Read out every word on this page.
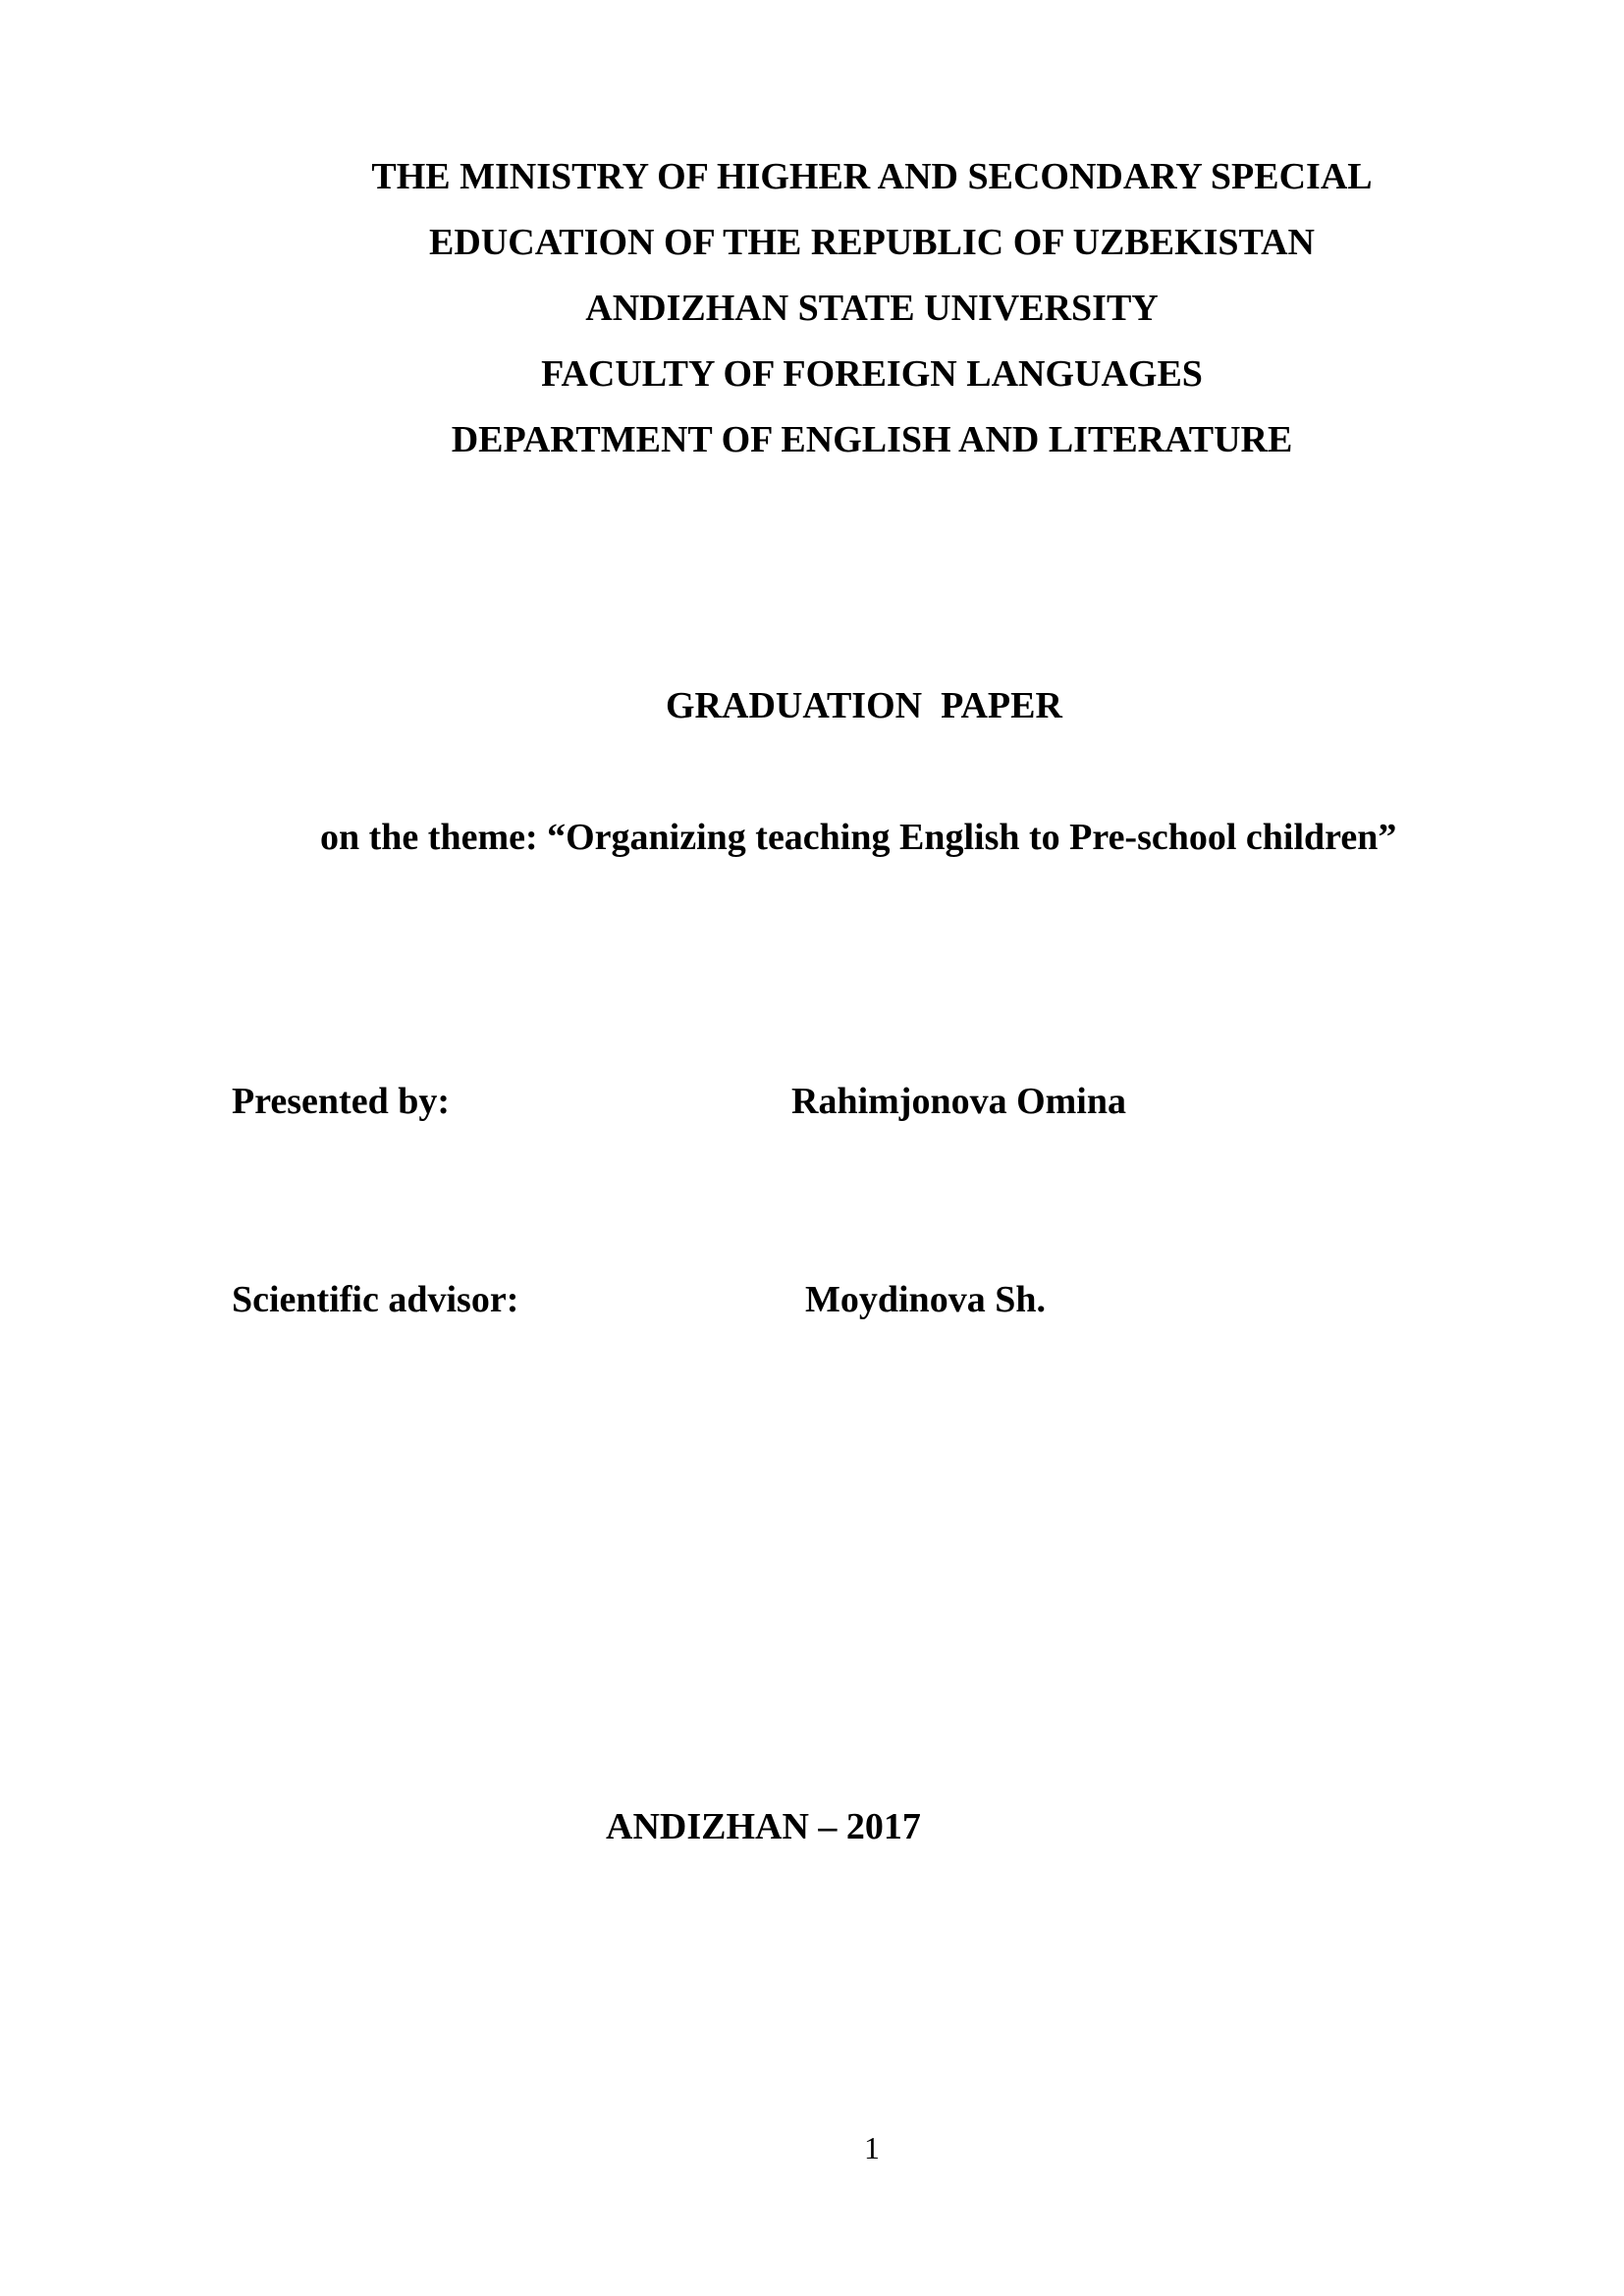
THE MINISTRY OF HIGHER AND SECONDARY SPECIAL
EDUCATION OF THE REPUBLIC OF UZBEKISTAN
ANDIZHAN STATE UNIVERSITY
FACULTY OF FOREIGN LANGUAGES
DEPARTMENT OF ENGLISH AND LITERATURE
GRADUATION  PAPER
on the theme: “Organizing teaching English to Pre-school children”
Presented by:	Rahimjonova Omina
Scientific advisor:	Moydinova Sh.
ANDIZHAN – 2017
1
